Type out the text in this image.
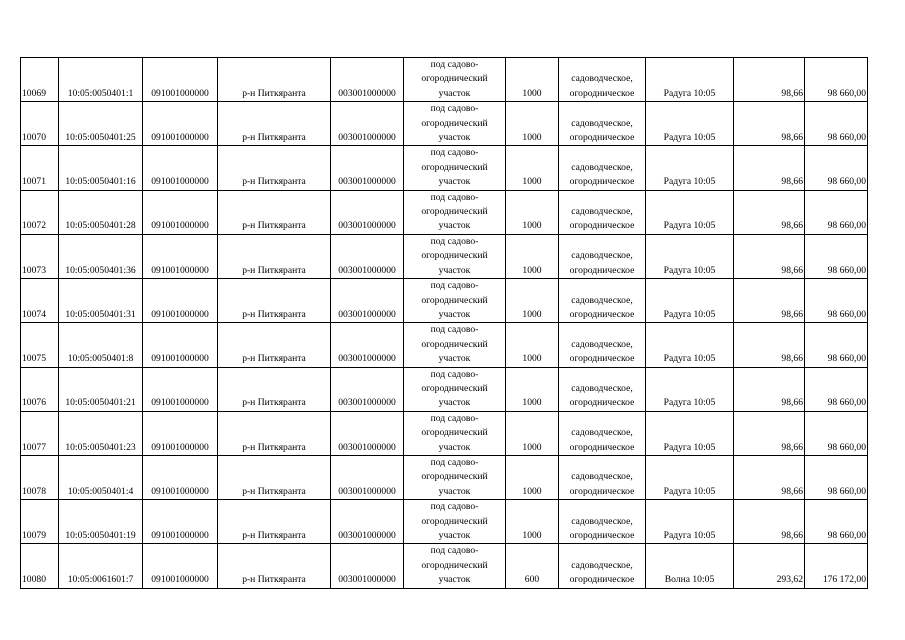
10069	10:05:0050401:1	091001000000	р-н Питкяранта	003001000000	под садово-огороднический участок	1000	садоводческое, огородническое	Радуга 10:05	98,66	98 660,00

10070	10:05:0050401:25	091001000000	р-н Питкяранта	003001000000	под садово-огороднический участок	1000	садоводческое, огородническое	Радуга 10:05	98,66	98 660,00

10071	10:05:0050401:16	091001000000	р-н Питкяранта	003001000000	под садово-огороднический участок	1000	садоводческое, огородническое	Радуга 10:05	98,66	98 660,00

10072	10:05:0050401:28	091001000000	р-н Питкяранта	003001000000	под садово-огороднический участок	1000	садоводческое, огородническое	Радуга 10:05	98,66	98 660,00

10073	10:05:0050401:36	091001000000	р-н Питкяранта	003001000000	под садово-огороднический участок	1000	садоводческое, огородническое	Радуга 10:05	98,66	98 660,00

10074	10:05:0050401:31	091001000000	р-н Питкяранта	003001000000	под садово-огороднический участок	1000	садоводческое, огородническое	Радуга 10:05	98,66	98 660,00

10075	10:05:0050401:8	091001000000	р-н Питкяранта	003001000000	под садово-огороднический участок	1000	садоводческое, огородническое	Радуга 10:05	98,66	98 660,00

10076	10:05:0050401:21	091001000000	р-н Питкяранта	003001000000	под садово-огороднический участок	1000	садоводческое, огородническое	Радуга 10:05	98,66	98 660,00

10077	10:05:0050401:23	091001000000	р-н Питкяранта	003001000000	под садово-огороднический участок	1000	садоводческое, огородническое	Радуга 10:05	98,66	98 660,00

10078	10:05:0050401:4	091001000000	р-н Питкяранта	003001000000	под садово-огороднический участок	1000	садоводческое, огородническое	Радуга 10:05	98,66	98 660,00

10079	10:05:0050401:19	091001000000	р-н Питкяранта	003001000000	под садово-огороднический участок	1000	садоводческое, огородническое	Радуга 10:05	98,66	98 660,00

10080	10:05:0061601:7	091001000000	р-н Питкяранта	003001000000	под садово-огороднический участок	600	садоводческое, огородническое	Волна 10:05	293,62	176 172,00
